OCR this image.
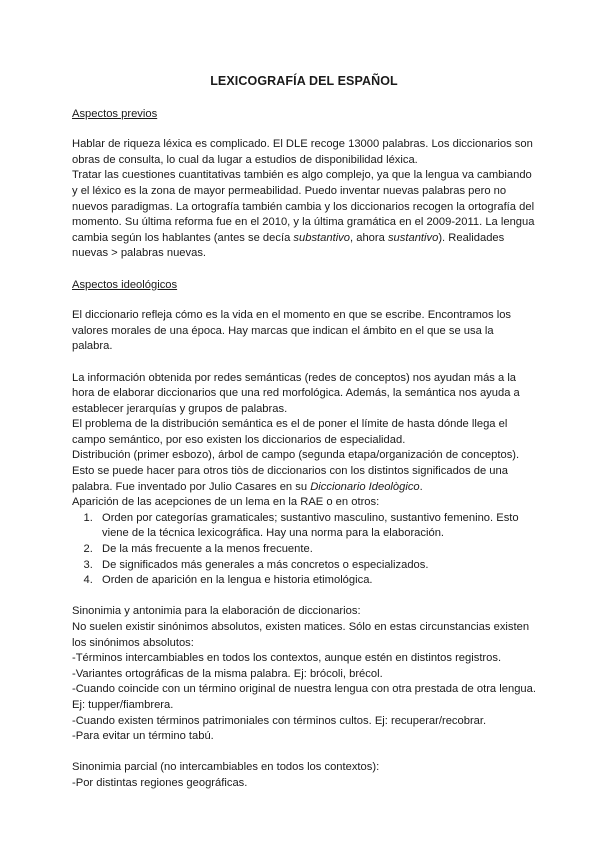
LEXICOGRAFÍA DEL ESPAÑOL

Aspectos previos

Hablar de riqueza léxica es complicado. El DLE recoge 13000 palabras. Los diccionarios son obras de consulta, lo cual da lugar a estudios de disponibilidad léxica.

Tratar las cuestiones cuantitativas también es algo complejo, ya que la lengua va cambiando y el léxico es la zona de mayor permeabilidad. Puedo inventar nuevas palabras pero no nuevos paradigmas. La ortografía también cambia y los diccionarios recogen la ortografía del momento. Su última reforma fue en el 2010, y la última gramática en el 2009-2011. La lengua cambia según los hablantes (antes se decía substantivo, ahora sustantivo). Realidades nuevas > palabras nuevas.

Aspectos ideológicos

El diccionario refleja cómo es la vida en el momento en que se escribe. Encontramos los valores morales de una época. Hay marcas que indican el ámbito en el que se usa la palabra.

La información obtenida por redes semánticas (redes de conceptos) nos ayudan más a la hora de elaborar diccionarios que una red morfológica. Además, la semántica nos ayuda a establecer jerarquías y grupos de palabras.

El problema de la distribución semántica es el de poner el límite de hasta dónde llega el campo semántico, por eso existen los diccionarios de especialidad.

Distribución (primer esbozo), árbol de campo (segunda etapa/organización de conceptos). Esto se puede hacer para otros tiòs de diccionarios con los distintos significados de una palabra. Fue inventado por Julio Casares en su Diccionario Ideològico.

Aparición de las acepciones de un lema en la RAE o en otros:

1. Orden por categorías gramaticales; sustantivo masculino, sustantivo femenino. Esto viene de la técnica lexicográfica. Hay una norma para la elaboración.
2. De la más frecuente a la menos frecuente.
3. De significados más generales a más concretos o especializados.
4. Orden de aparición en la lengua e historia etimológica.

Sinonimia y antonimia para la elaboración de diccionarios:

No suelen existir sinónimos absolutos, existen matices. Sólo en estas circunstancias existen los sinónimos absolutos:

-Términos intercambiables en todos los contextos, aunque estén en distintos registros.

-Variantes ortográficas de la misma palabra. Ej: brócoli, brécol.

-Cuando coincide con un término original de nuestra lengua con otra prestada de otra lengua. Ej: tupper/fiambrera.

-Cuando existen términos patrimoniales con términos cultos. Ej: recuperar/recobrar.

-Para evitar un término tabú.

Sinonimia parcial (no intercambiables en todos los contextos):

-Por distintas regiones geográficas.
